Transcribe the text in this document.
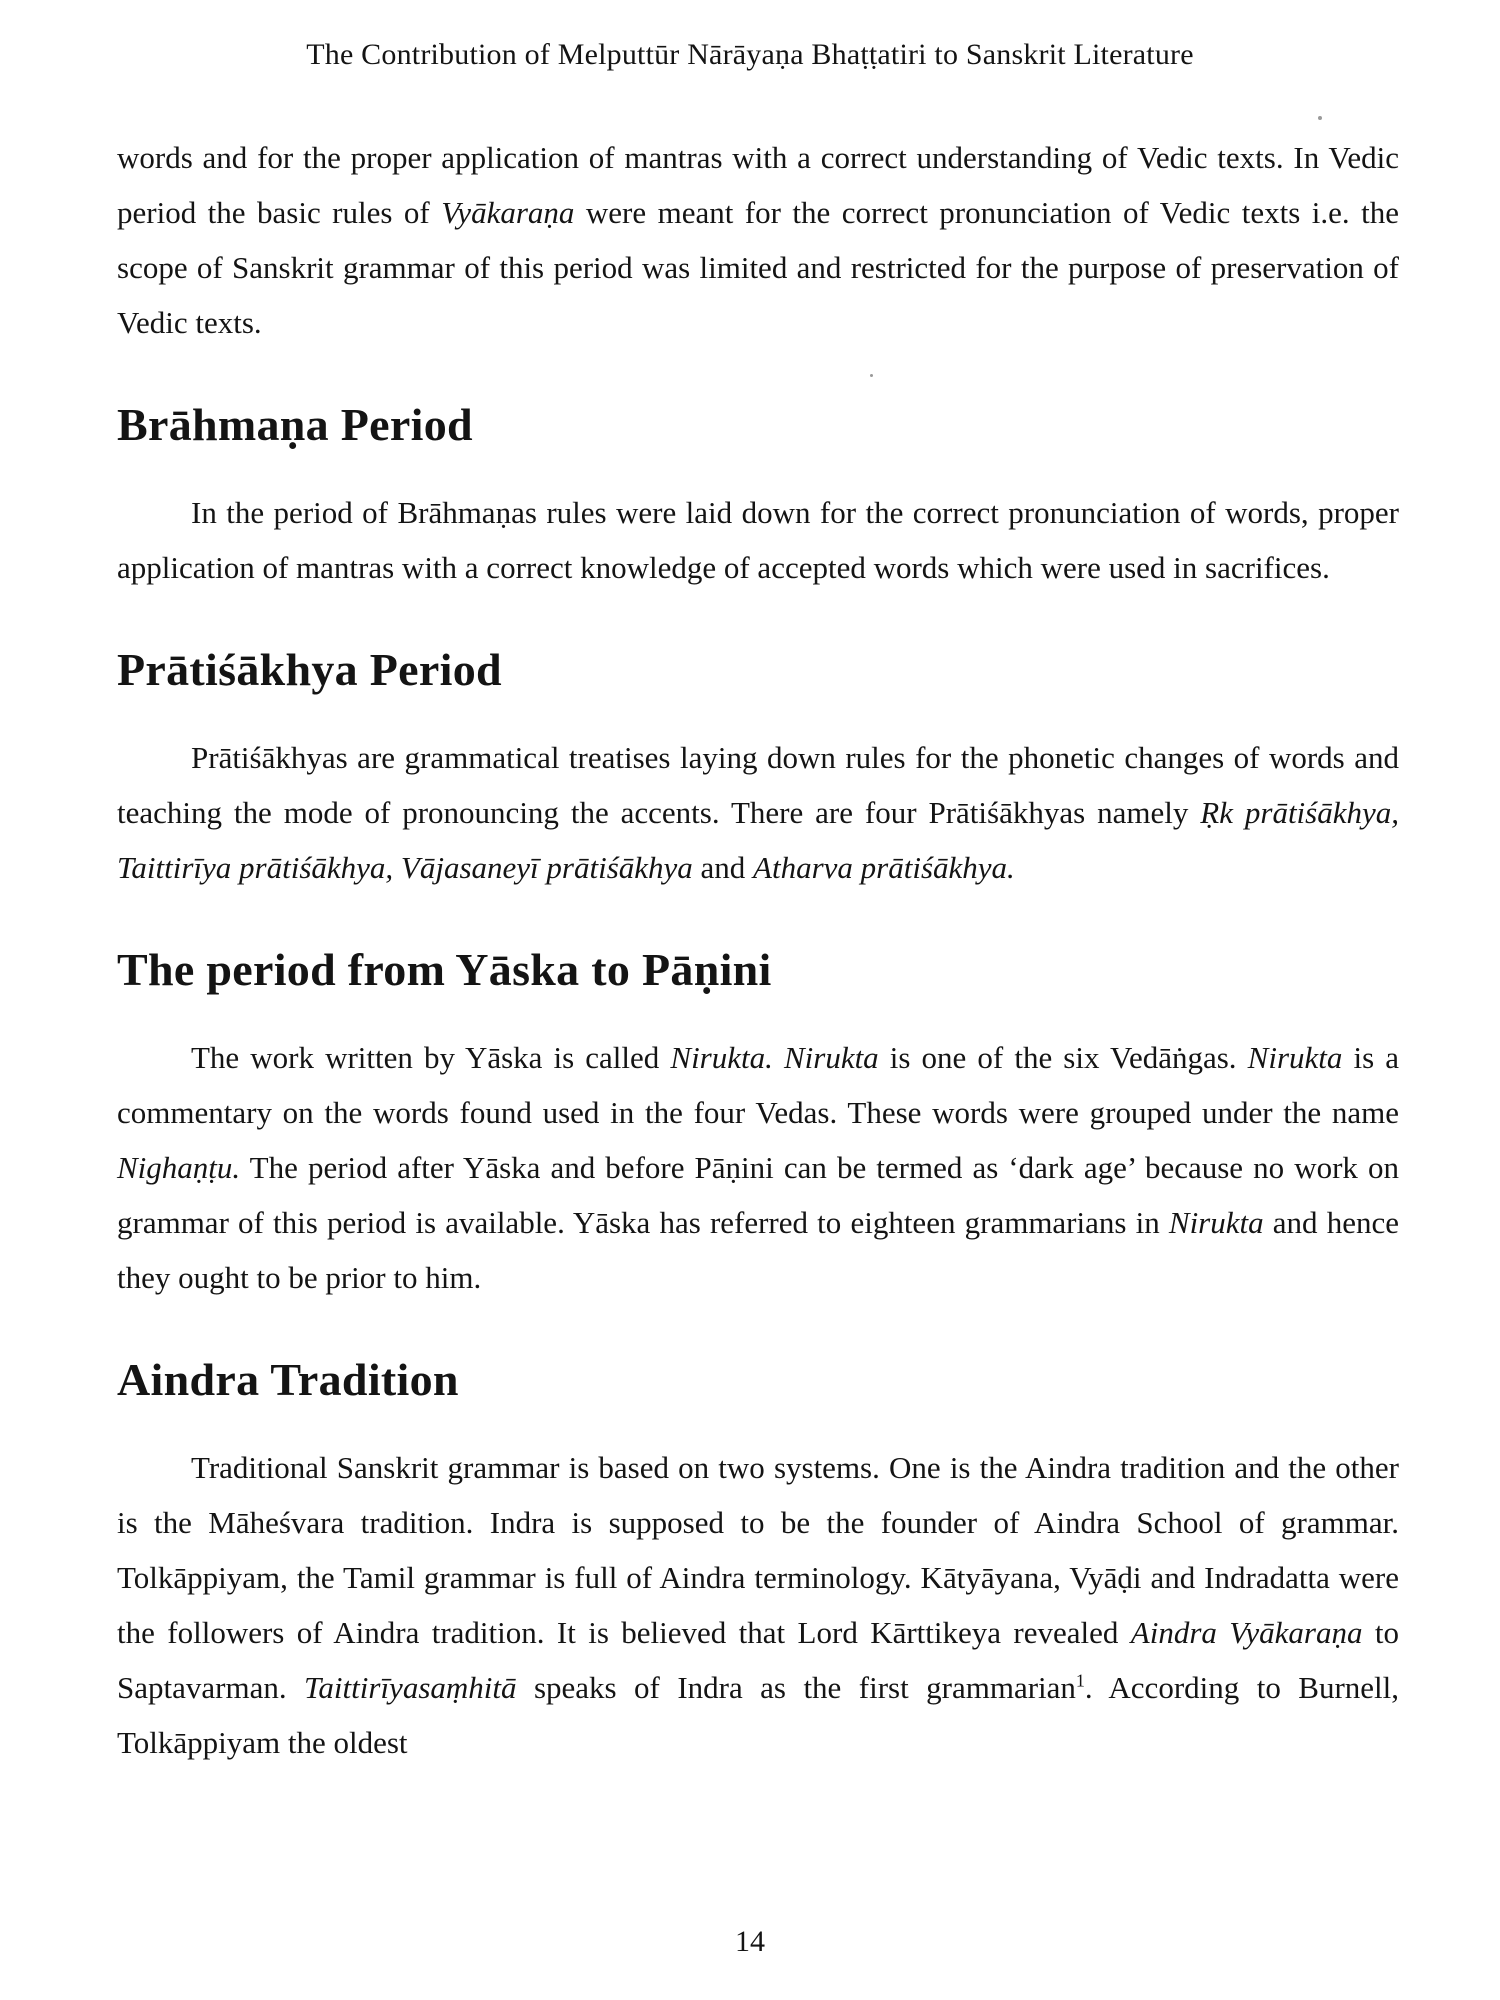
The Contribution of Melputtūr Nārāyaṇa Bhaṭṭatiri to Sanskrit Literature

words and for the proper application of mantras with a correct understanding of Vedic texts. In Vedic period the basic rules of Vyākaraṇa were meant for the correct pronunciation of Vedic texts i.e. the scope of Sanskrit grammar of this period was limited and restricted for the purpose of preservation of Vedic texts.

Brāhmaṇa Period

In the period of Brāhmaṇas rules were laid down for the correct pronunciation of words, proper application of mantras with a correct knowledge of accepted words which were used in sacrifices.

Prātiśākhya Period

Prātiśākhyas are grammatical treatises laying down rules for the phonetic changes of words and teaching the mode of pronouncing the accents. There are four Prātiśākhyas namely Ṛk prātiśākhya, Taittirīya prātiśākhya, Vājasaneyī prātiśākhya and Atharva prātiśākhya.

The period from Yāska to Pāṇini

The work written by Yāska is called Nirukta. Nirukta is one of the six Vedāṅgas. Nirukta is a commentary on the words found used in the four Vedas. These words were grouped under the name Nighaṇṭu. The period after Yāska and before Pāṇini can be termed as ‘dark age’ because no work on grammar of this period is available. Yāska has referred to eighteen grammarians in Nirukta and hence they ought to be prior to him.

Aindra Tradition

Traditional Sanskrit grammar is based on two systems. One is the Aindra tradition and the other is the Māheśvara tradition. Indra is supposed to be the founder of Aindra School of grammar. Tolkāppiyam, the Tamil grammar is full of Aindra terminology. Kātyāyana, Vyāḍi and Indradatta were the followers of Aindra tradition. It is believed that Lord Kārttikeya revealed Aindra Vyākaraṇa to Saptavarman. Taittirīyasaṃhitā speaks of Indra as the first grammarian$^1$. According to Burnell, Tolkāppiyam the oldest

14
